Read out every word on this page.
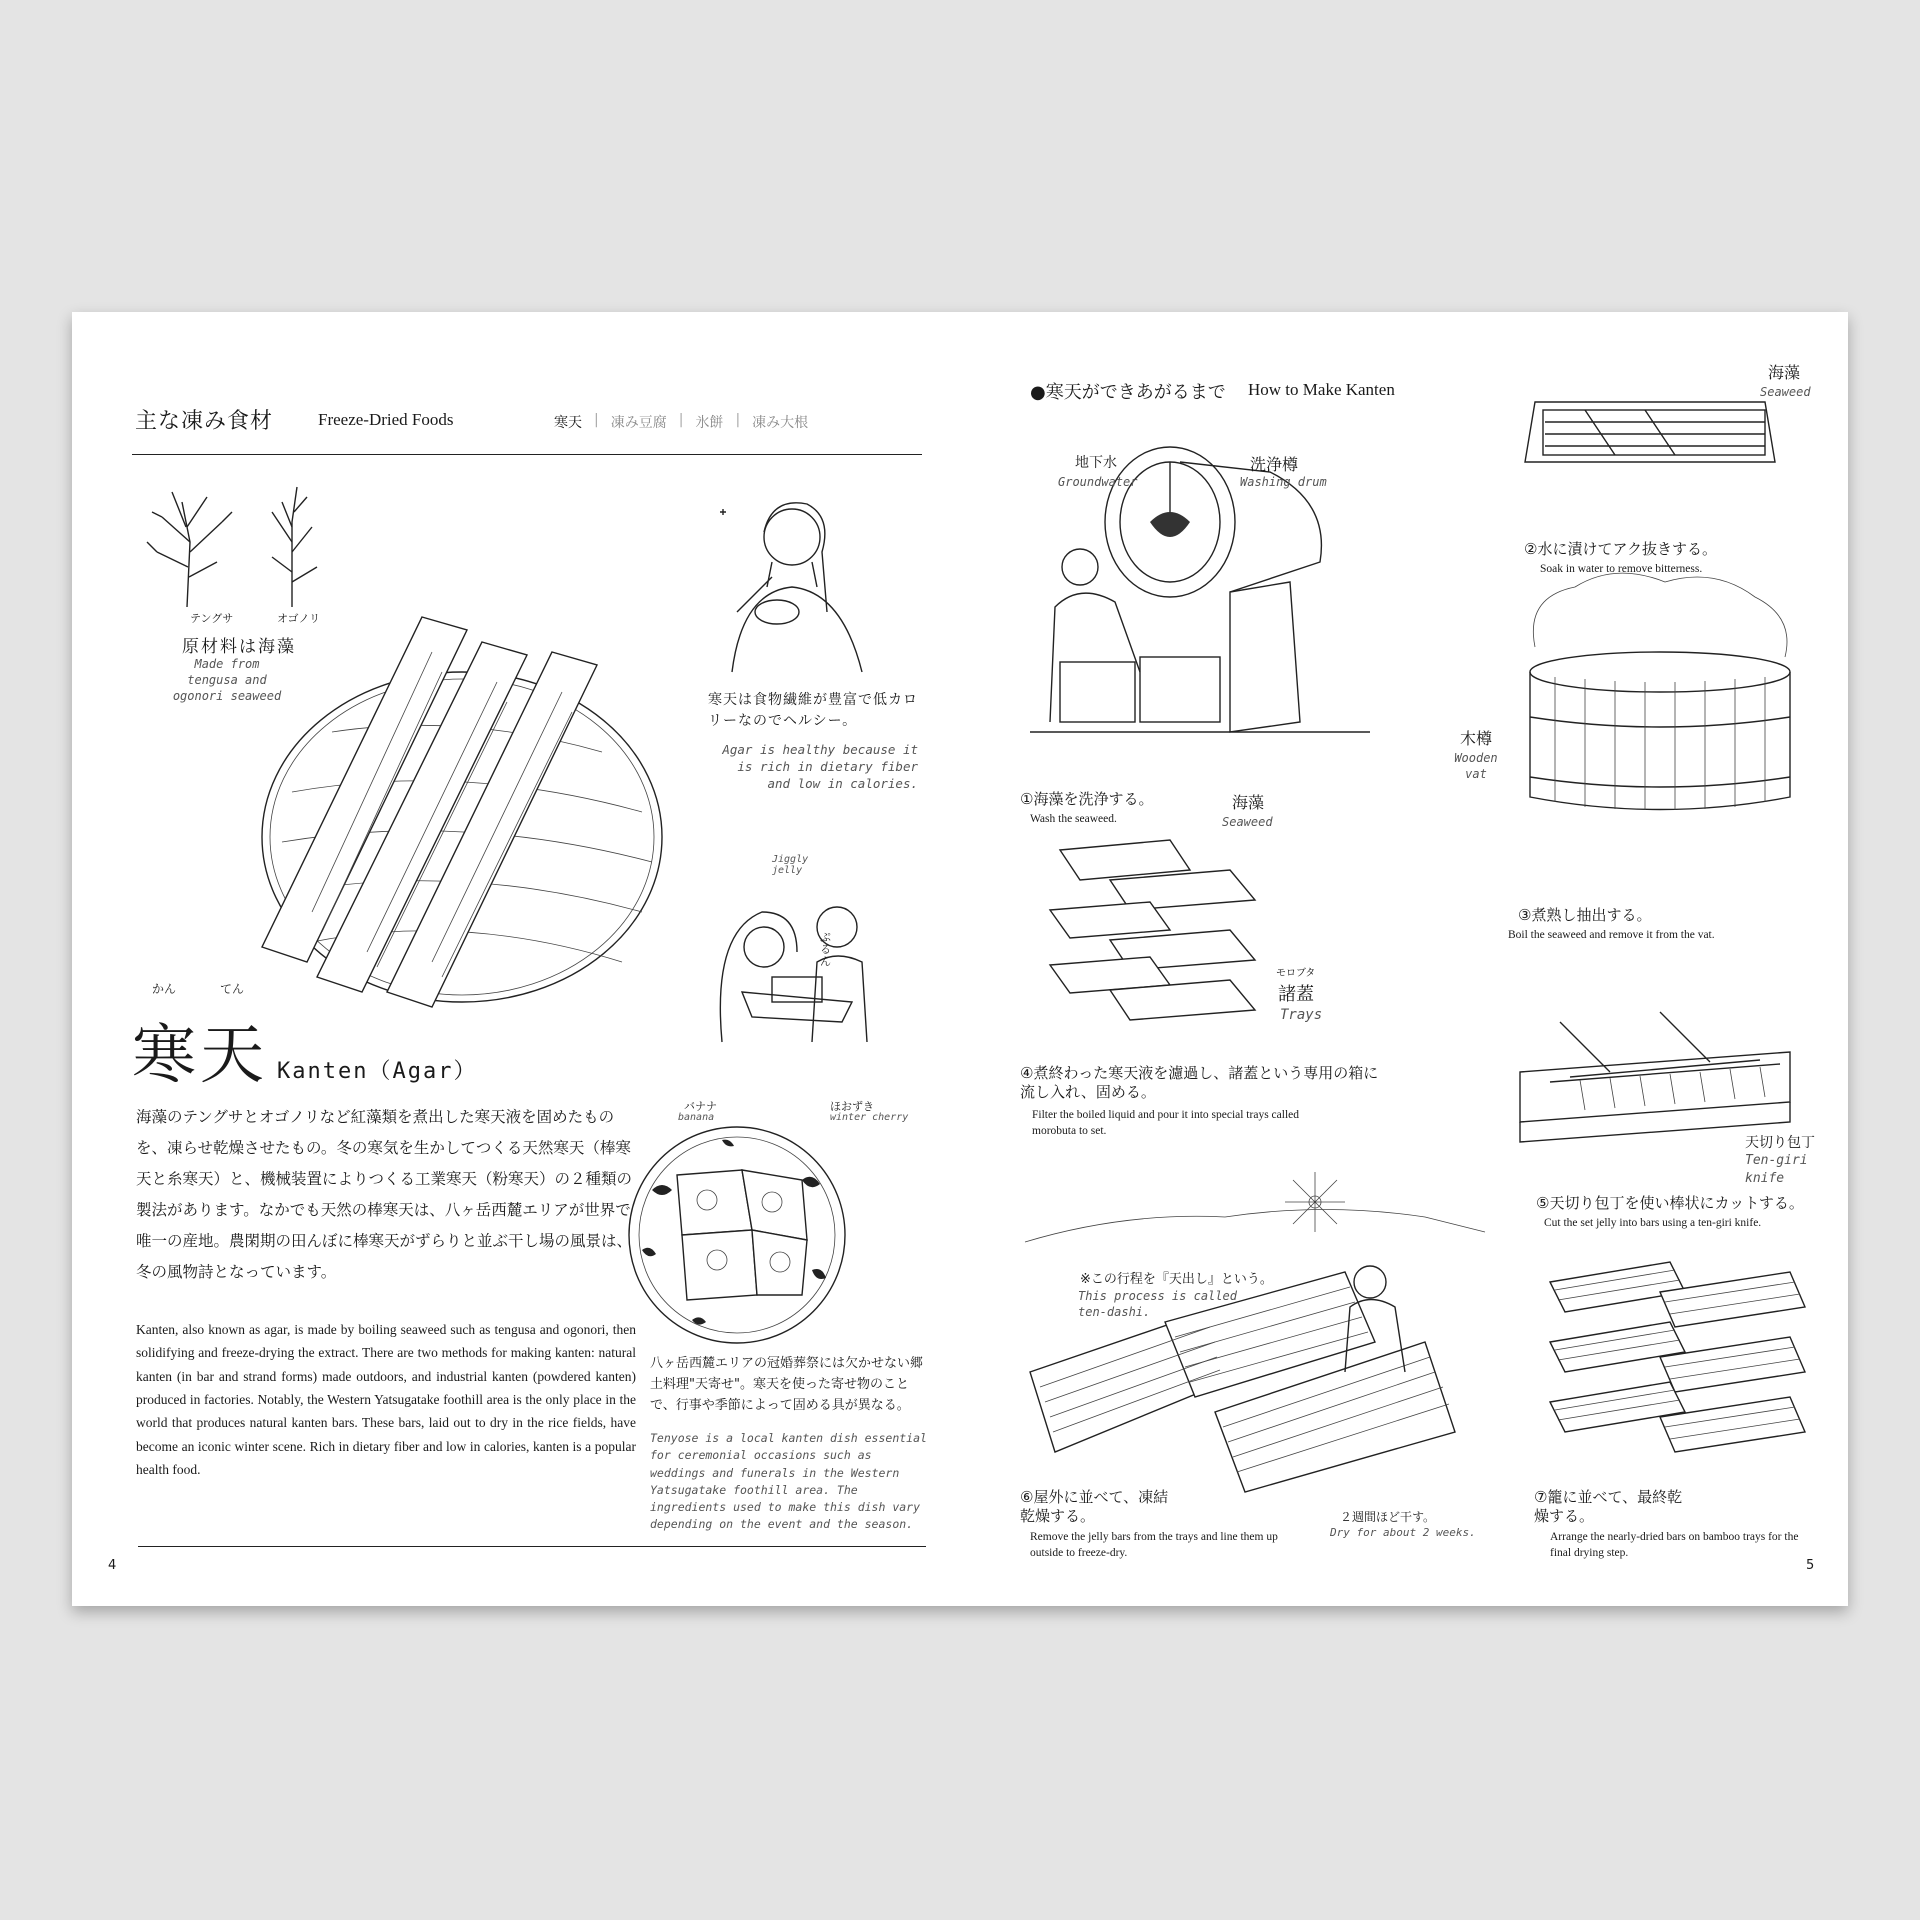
主な凍み食材	Freeze-Dried Foods	寒天 | 凍み豆腐 | 氷餅 | 凍み大根
テングサ	オゴノリ
原材料は海藻
Made from tengusa and ogonori seaweed	寒天は食物繊維が豊富で低カロリーなのでヘルシー。
Agar is healthy because it is rich in dietary fiber and low in calories.
Jiggly jelly
ぷるん
かん	てん
寒天 Kanten（Agar）
海藻のテングサとオゴノリなど紅藻類を煮出した寒天液を固めたものを、凍らせ乾燥させたもの。冬の寒気を生かしてつくる天然寒天（棒寒天と糸寒天）と、機械装置によりつくる工業寒天（粉寒天）の２種類の製法があります。なかでも天然の棒寒天は、八ヶ岳西麓エリアが世界で唯一の産地。農閑期の田んぼに棒寒天がずらりと並ぶ干し場の風景は、冬の風物詩となっています。
Kanten, also known as agar, is made by boiling seaweed such as tengusa and ogonori, then solidifying and freeze-drying the extract. There are two methods for making kanten: natural kanten (in bar and strand forms) made outdoors, and industrial kanten (powdered kanten) produced in factories. Notably, the Western Yatsugatake foothill area is the only place in the world that produces natural kanten bars. These bars, laid out to dry in the rice fields, have become an iconic winter scene. Rich in dietary fiber and low in calories, kanten is a popular health food.
バナナ
banana
ほおずき
winter cherry
八ヶ岳西麓エリアの冠婚葬祭には欠かせない郷土料理"天寄せ"。寒天を使った寄せ物のことで、行事や季節によって固める具が異なる。
Tenyose is a local kanten dish essential for ceremonial occasions such as weddings and funerals in the Western Yatsugatake foothill area. The ingredients used to make this dish vary depending on the event and the season.
4
●寒天ができあがるまで How to Make Kanten
地下水
Groundwater
洗浄樽
Washing drum
海藻
Seaweed
①海藻を洗浄する。
Wash the seaweed.
海藻
Seaweed
②水に漬けてアク抜きする。
Soak in water to remove bitterness.
木樽
Wooden vat
③煮熟し抽出する。
Boil the seaweed and remove it from the vat.
モロブタ
諸蓋
Trays
④煮終わった寒天液を濾過し、諸蓋という専用の箱に流し入れ、固める。
Filter the boiled liquid and pour it into special trays called morobuta to set.
天切り包丁
Ten-giri knife
⑤天切り包丁を使い棒状にカットする。
Cut the set jelly into bars using a ten-giri knife.
※この行程を『天出し』という。
This process is called ten-dashi.
⑥屋外に並べて、凍結乾燥する。
Remove the jelly bars from the trays and line them up outside to freeze-dry.
２週間ほど干す。
Dry for about 2 weeks.
⑦籠に並べて、最終乾燥する。
Arrange the nearly-dried bars on bamboo trays for the final drying step.
5
